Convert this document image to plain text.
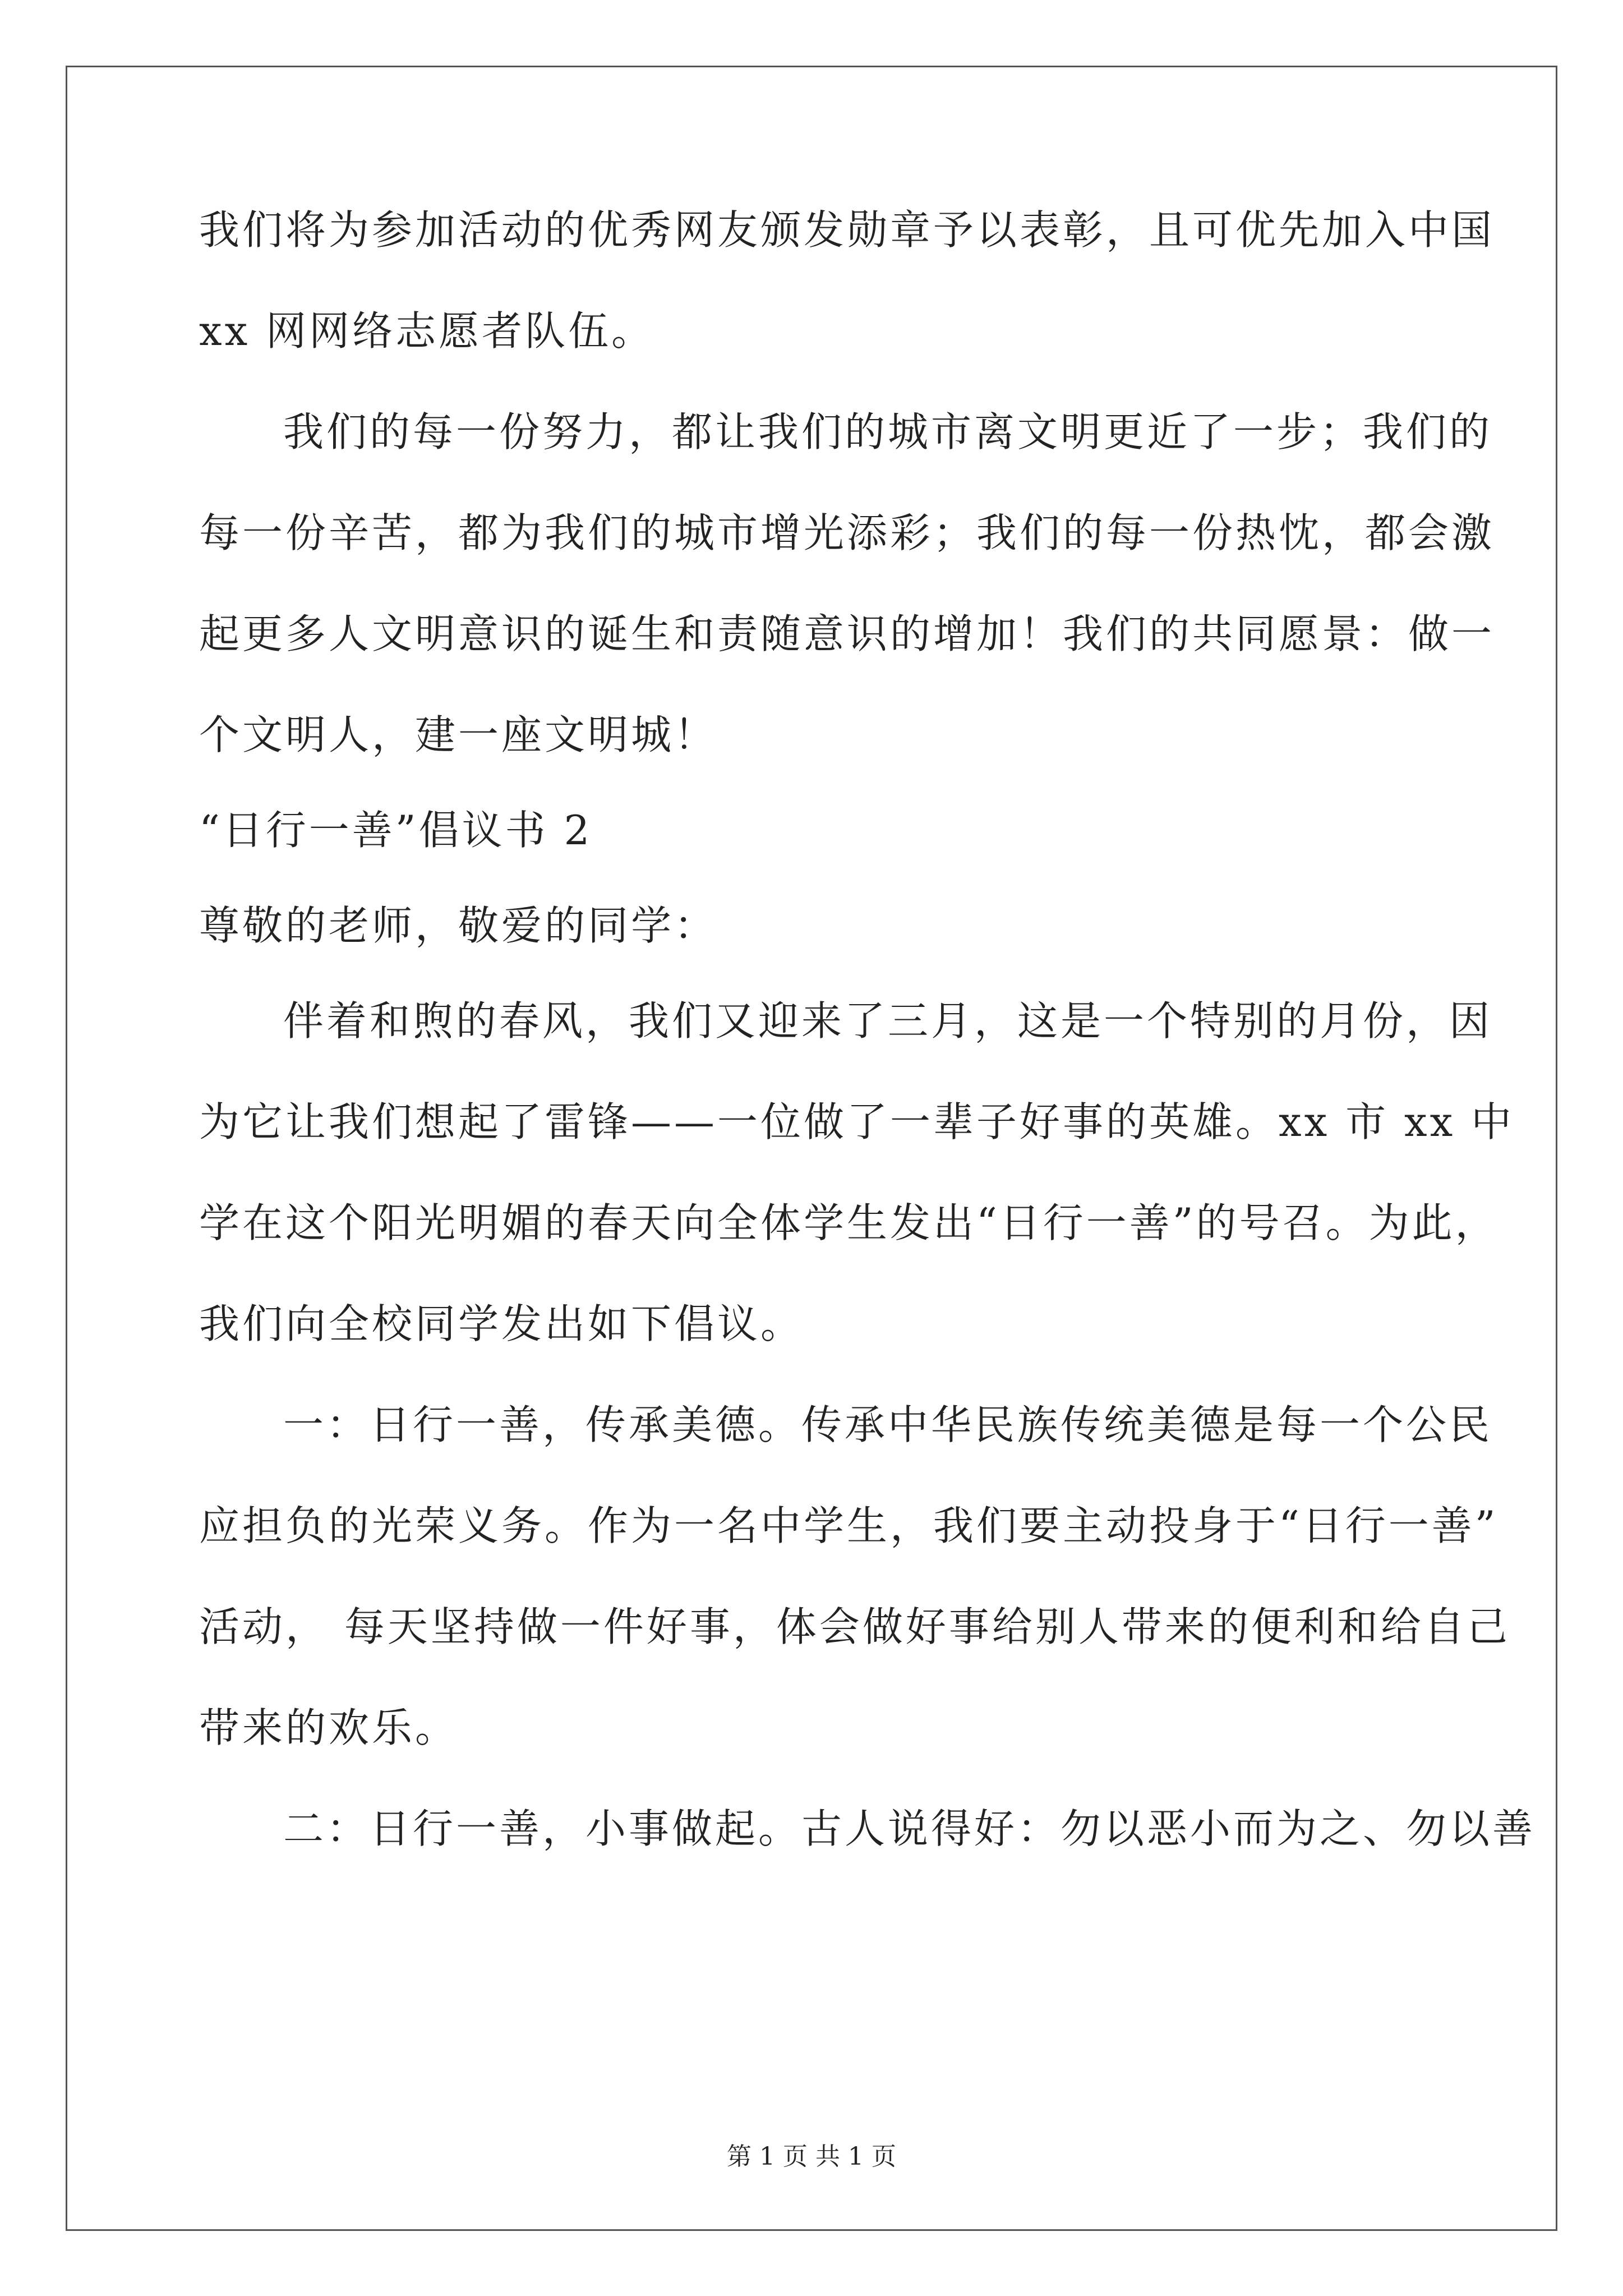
我们将为参加活动的优秀网友颁发勋章予以表彰，且可优先加入中国
xx 网网络志愿者队伍。
我们的每一份努力，都让我们的城市离文明更近了一步；我们的
每一份辛苦，都为我们的城市增光添彩；我们的每一份热忱，都会激
起更多人文明意识的诞生和责随意识的增加！我们的共同愿景：做一
个文明人，建一座文明城！
“日行一善”倡议书 2
尊敬的老师，敬爱的同学：
伴着和煦的春风，我们又迎来了三月，这是一个特别的月份，因
为它让我们想起了雷锋——一位做了一辈子好事的英雄。xx 市 xx 中
学在这个阳光明媚的春天向全体学生发出“日行一善”的号召。为此，
我们向全校同学发出如下倡议。
一：日行一善，传承美德。传承中华民族传统美德是每一个公民
应担负的光荣义务。作为一名中学生，我们要主动投身于“日行一善”
活动， 每天坚持做一件好事，体会做好事给别人带来的便利和给自己
带来的欢乐。
二：日行一善，小事做起。古人说得好：勿以恶小而为之、勿以善
第 1 页 共 1 页
